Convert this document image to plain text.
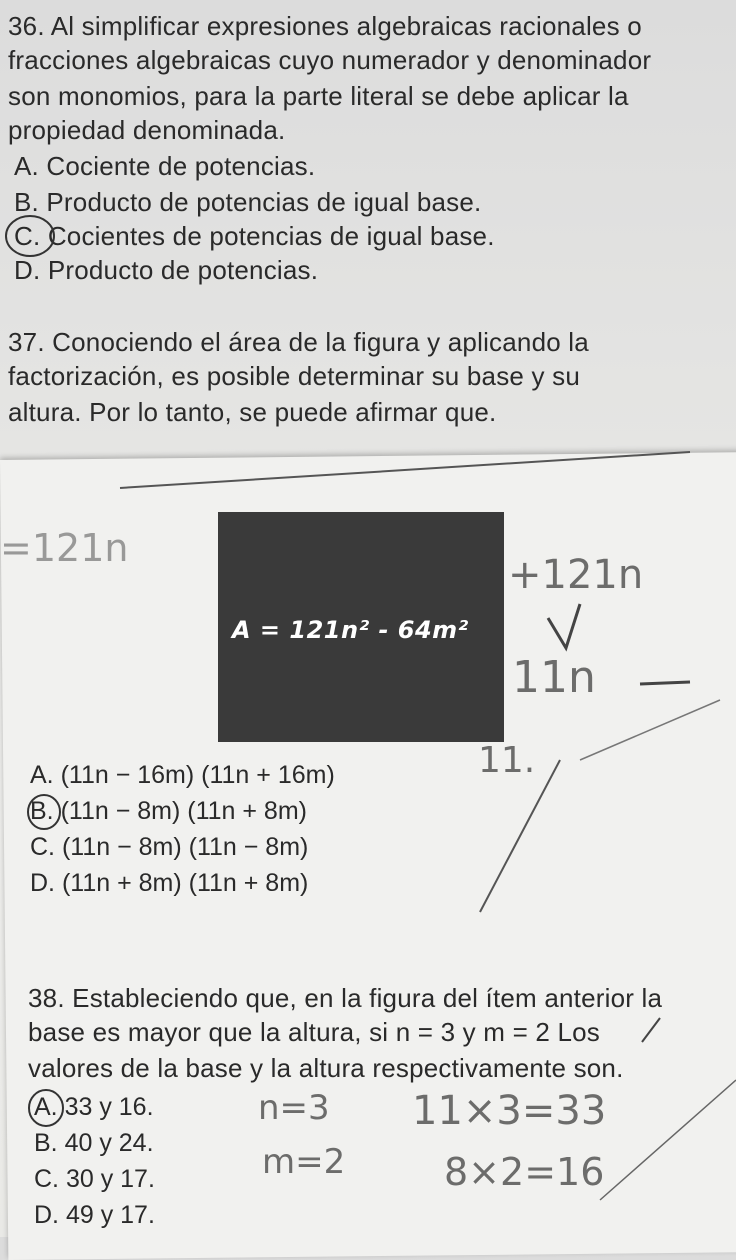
36. Al simplificar expresiones algebraicas racionales o
fracciones algebraicas cuyo numerador y denominador
son monomios, para la parte literal se debe aplicar la
propiedad denominada.
A. Cociente de potencias.
B. Producto de potencias de igual base.
C. Cocientes de potencias de igual base.
D. Producto de potencias.
37. Conociendo el área de la figura y aplicando la
factorización, es posible determinar su base y su
altura. Por lo tanto, se puede afirmar que.
A = 121n² - 64m²
A. (11n − 16m) (11n + 16m)
B. (11n − 8m) (11n + 8m)
C. (11n − 8m) (11n − 8m)
D. (11n + 8m) (11n + 8m)
38. Estableciendo que, en la figura del ítem anterior la
base es mayor que la altura, si n = 3 y m = 2 Los
valores de la base y la altura respectivamente son.
A. 33 y 16.
B. 40 y 24.
C. 30 y 17.
D. 49 y 17.
=121n
+121n
11n
11.
n=3
m=2
11×3=33
8×2=16
